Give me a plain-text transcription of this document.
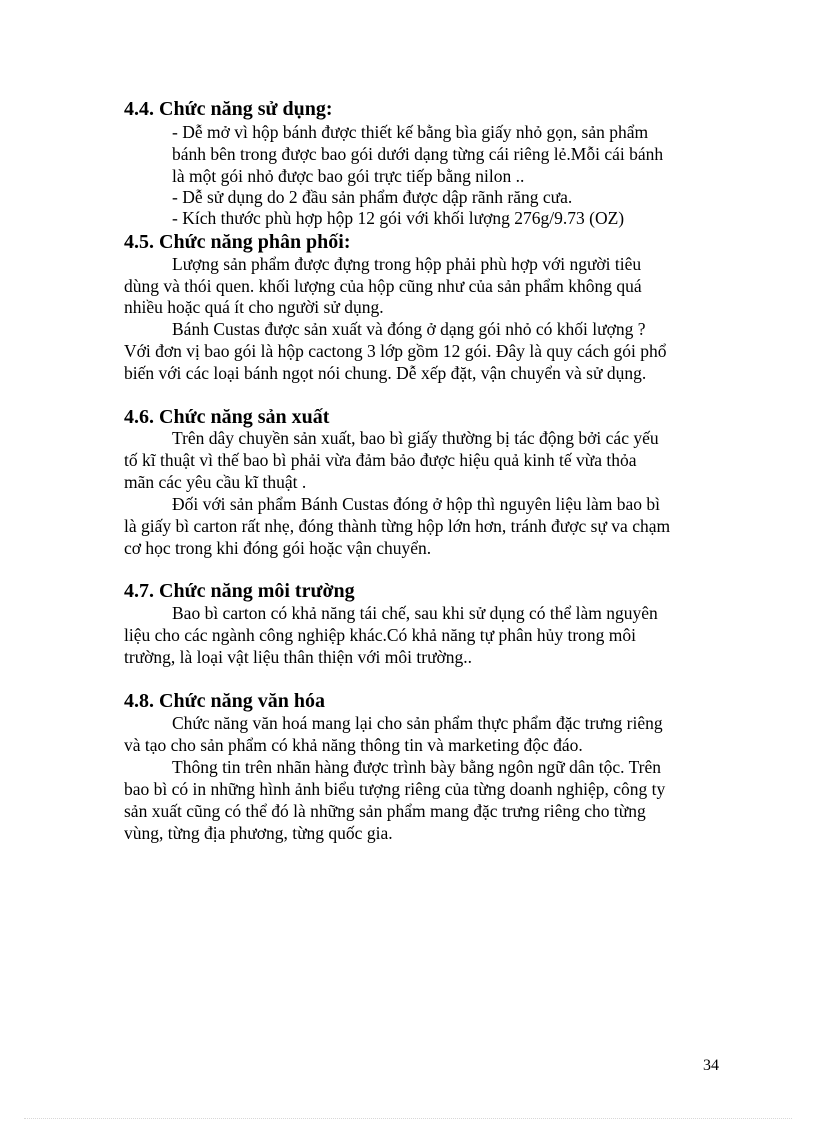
4.4. Chức năng sử dụng:
- Dễ mở vì hộp bánh được thiết kế bằng bìa giấy nhỏ gọn, sản phẩm
bánh bên trong được bao gói dưới dạng từng cái riêng lẻ.Mỗi cái bánh
là một gói nhỏ được bao gói trực tiếp bằng nilon ..
- Dễ sử dụng do 2 đầu sản phẩm được dập rãnh răng cưa.
- Kích thước phù hợp hộp 12 gói với khối lượng 276g/9.73 (OZ)
4.5. Chức năng phân phối:
Lượng sản phẩm được đựng trong hộp phải phù hợp với người tiêu
dùng và thói quen. khối lượng của hộp cũng như của sản phẩm không quá
nhiều hoặc quá ít cho người sử dụng.
Bánh Custas được sản xuất và đóng ở dạng gói nhỏ có khối lượng ?
Với đơn vị bao gói là hộp cactong 3 lớp gồm 12 gói. Đây là quy cách gói phổ
biến với các loại bánh ngọt nói chung. Dễ xếp đặt, vận chuyển và sử dụng.
4.6. Chức năng sản xuất
Trên dây chuyền sản xuất, bao bì giấy thường bị tác động bởi các yếu
tố kĩ thuật vì thế bao bì phải vừa đảm bảo được hiệu quả kinh tế vừa thỏa
mãn các yêu cầu kĩ thuật .
Đối với sản phẩm Bánh Custas đóng ở hộp thì nguyên liệu làm bao bì
là giấy bì carton rất nhẹ, đóng thành từng hộp lớn hơn, tránh được sự va chạm
cơ học trong khi đóng gói hoặc vận chuyển.
4.7. Chức năng môi trường
Bao bì carton có khả năng tái chế, sau khi sử dụng có thể làm nguyên
liệu cho các ngành công nghiệp khác.Có khả năng tự phân hủy trong môi
trường, là loại vật liệu thân thiện với môi trường..
4.8. Chức năng văn hóa
Chức năng văn hoá mang lại cho sản phẩm thực phẩm đặc trưng riêng
và tạo cho sản phẩm có khả năng thông tin và marketing độc đáo.
Thông tin trên nhãn hàng được trình bày bằng ngôn ngữ dân tộc. Trên
bao bì có in những hình ảnh biểu tượng riêng của từng doanh nghiệp, công ty
sản xuất cũng có thể đó là những sản phẩm mang đặc trưng riêng cho từng
vùng, từng địa phương, từng quốc gia.
34
